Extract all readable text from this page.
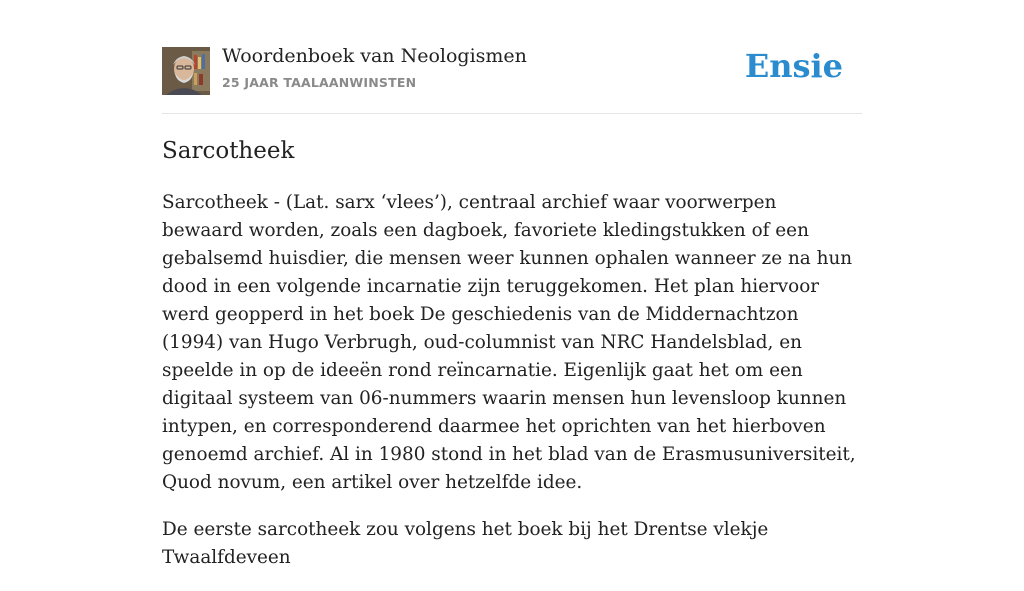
Woordenboek van Neologismen
25 JAAR TAALAANWINSTEN	Ensie
Sarcotheek

Sarcotheek - (Lat. sarx ‘vlees’), centraal archief waar voorwerpen bewaard worden, zoals een dagboek, favoriete kledingstukken of een gebalsemd huisdier, die mensen weer kunnen ophalen wanneer ze na hun dood in een volgende incarnatie zijn teruggekomen. Het plan hiervoor werd geopperd in het boek De geschiedenis van de Middernachtzon (1994) van Hugo Verbrugh, oud-columnist van NRC Handelsblad, en speelde in op de ideeën rond reïncarnatie. Eigenlijk gaat het om een digitaal systeem van 06-nummers waarin mensen hun levensloop kunnen intypen, en corresponderend daarmee het oprichten van het hierboven genoemd archief. Al in 1980 stond in het blad van de Erasmusuniversiteit, Quod novum, een artikel over hetzelfde idee.

De eerste sarcotheek zou volgens het boek bij het Drentse vlekje Twaalfdeveen
